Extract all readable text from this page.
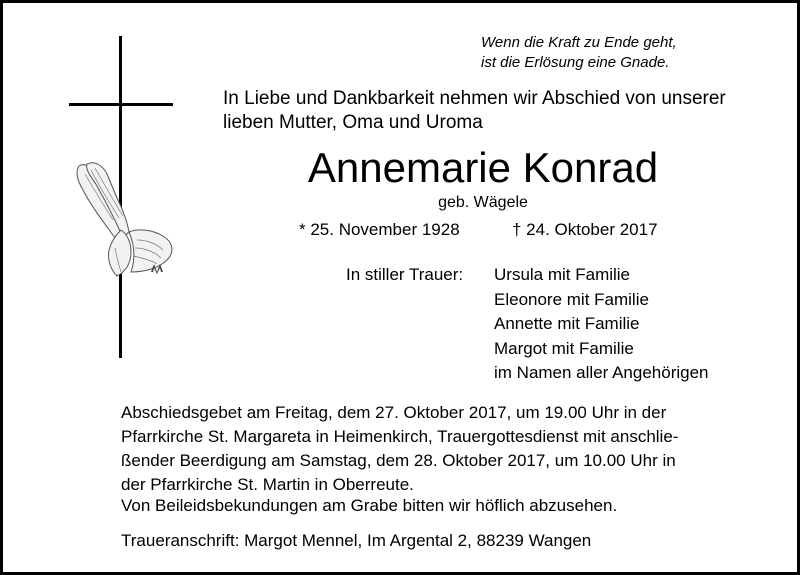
Wenn die Kraft zu Ende geht,
ist die Erlösung eine Gnade.
In Liebe und Dankbarkeit nehmen wir Abschied von unserer
lieben Mutter, Oma und Uroma
Annemarie Konrad
geb. Wägele
* 25. November 1928	† 24. Oktober 2017
In stiller Trauer: Ursula mit Familie
Eleonore mit Familie
Annette mit Familie
Margot mit Familie
im Namen aller Angehörigen
Abschiedsgebet am Freitag, dem 27. Oktober 2017, um 19.00 Uhr in der
Pfarrkirche St. Margareta in Heimenkirch, Trauergottesdienst mit anschlie-
ßender Beerdigung am Samstag, dem 28. Oktober 2017, um 10.00 Uhr in
der Pfarrkirche St. Martin in Oberreute.
Von Beileidsbekundungen am Grabe bitten wir höflich abzusehen.
Traueranschrift: Margot Mennel, Im Argental 2, 88239 Wangen
